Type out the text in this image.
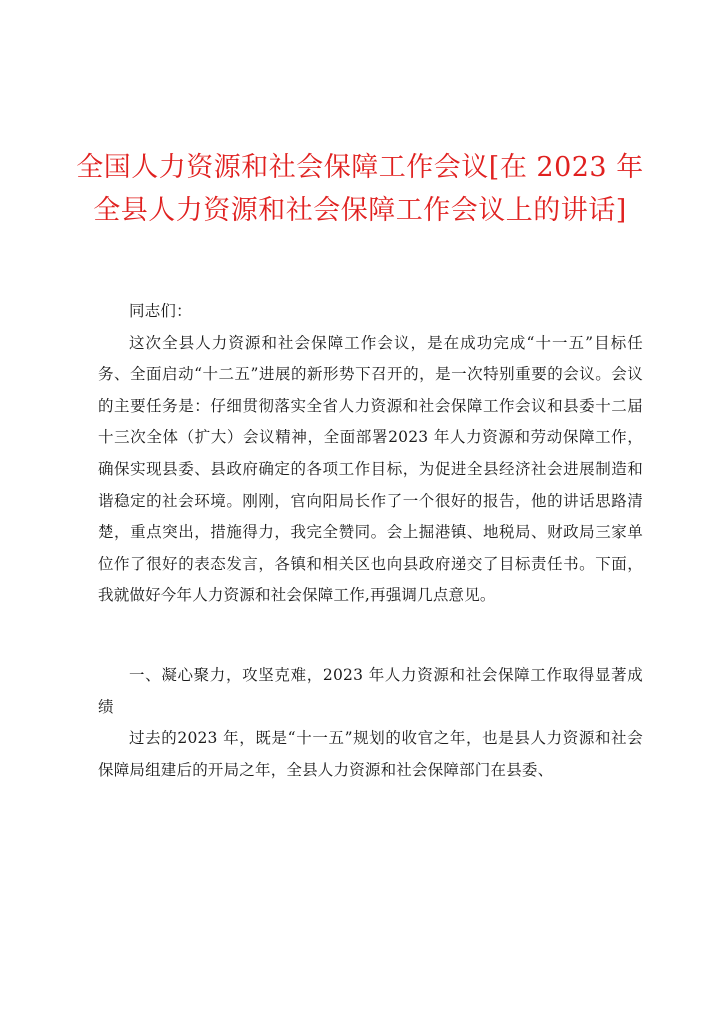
全国人力资源和社会保障工作会议[在 2023 年
全县人力资源和社会保障工作会议上的讲话]

同志们：

这次全县人力资源和社会保障工作会议，是在成功完成“十一五”目标任务、全面启动“十二五”进展的新形势下召开的，是一次特别重要的会议。会议的主要任务是：仔细贯彻落实全省人力资源和社会保障工作会议和县委十二届十三次全体（扩大）会议精神，全面部署2023 年人力资源和劳动保障工作，确保实现县委、县政府确定的各项工作目标，为促进全县经济社会进展制造和谐稳定的社会环境。刚刚，官向阳局长作了一个很好的报告，他的讲话思路清楚，重点突出，措施得力，我完全赞同。会上掘港镇、地税局、财政局三家单位作了很好的表态发言，各镇和相关区也向县政府递交了目标责任书。下面，我就做好今年人力资源和社会保障工作,再强调几点意见。

一、凝心聚力，攻坚克难，2023 年人力资源和社会保障工作取得显著成绩

过去的2023 年，既是“十一五”规划的收官之年，也是县人力资源和社会保障局组建后的开局之年，全县人力资源和社会保障部门在县委、
